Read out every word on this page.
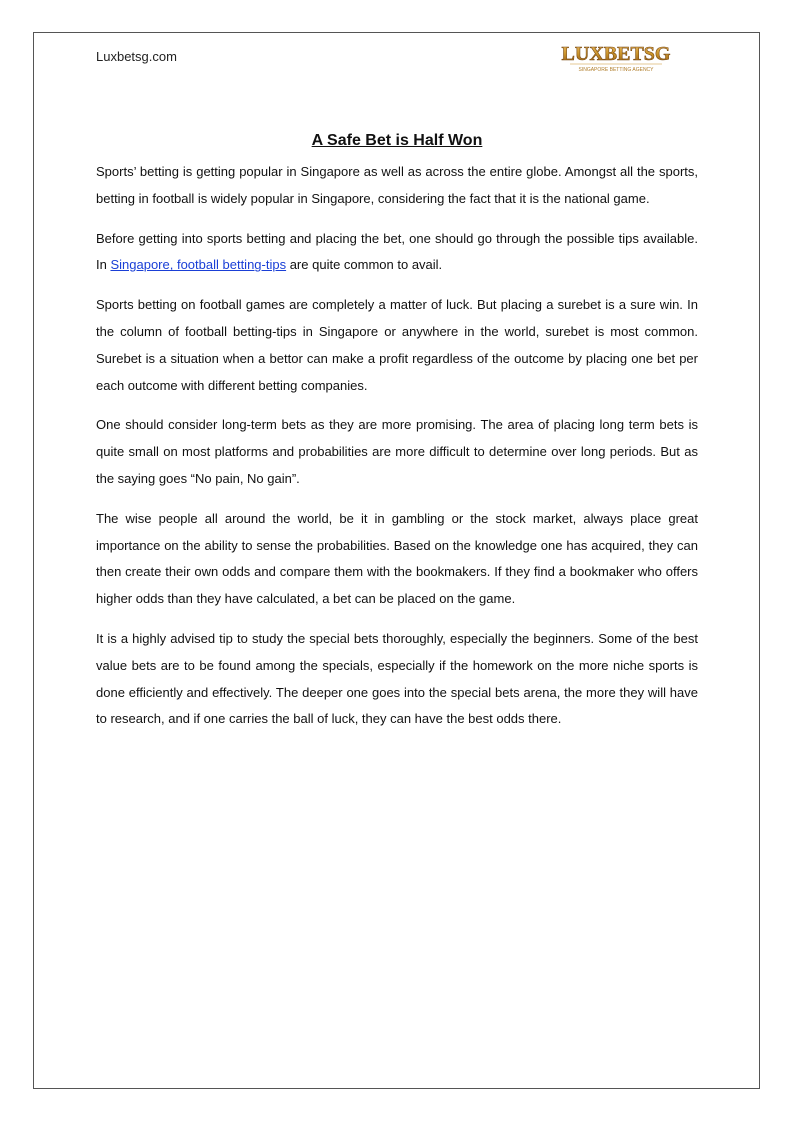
Luxbetsg.com	LUXBETSG
SINGAPORE BETTING AGENCY
A Safe Bet is Half Won

Sports’ betting is getting popular in Singapore as well as across the entire globe. Amongst all the sports, betting in football is widely popular in Singapore, considering the fact that it is the national game.

Before getting into sports betting and placing the bet, one should go through the possible tips available. In Singapore, football betting-tips are quite common to avail.

Sports betting on football games are completely a matter of luck. But placing a surebet is a sure win. In the column of football betting-tips in Singapore or anywhere in the world, surebet is most common. Surebet is a situation when a bettor can make a profit regardless of the outcome by placing one bet per each outcome with different betting companies.

One should consider long-term bets as they are more promising. The area of placing long term bets is quite small on most platforms and probabilities are more difficult to determine over long periods. But as the saying goes “No pain, No gain”.

The wise people all around the world, be it in gambling or the stock market, always place great importance on the ability to sense the probabilities. Based on the knowledge one has acquired, they can then create their own odds and compare them with the bookmakers. If they find a bookmaker who offers higher odds than they have calculated, a bet can be placed on the game.

It is a highly advised tip to study the special bets thoroughly, especially the beginners. Some of the best value bets are to be found among the specials, especially if the homework on the more niche sports is done efficiently and effectively. The deeper one goes into the special bets arena, the more they will have to research, and if one carries the ball of luck, they can have the best odds there.
